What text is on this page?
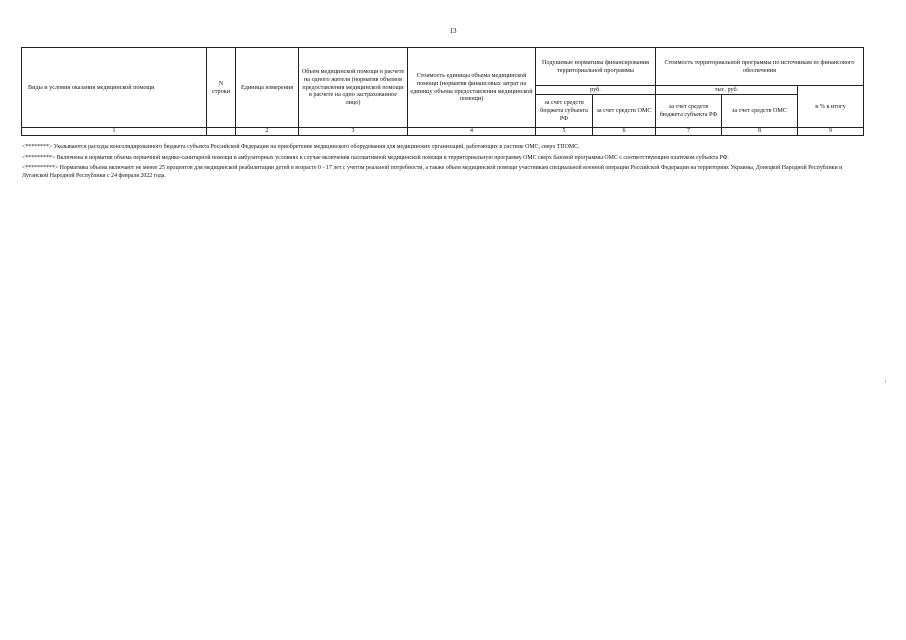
13
Виды и условия оказания медицинской помощи	N строки	Единица измерения	Объем медицинской помощи в расчете на одного жителя (норматив объемов предоставления медицинской помощи в расчете на одно застрахованное лицо)	Стоимость единицы объема медицинской помощи (норматив финансовых затрат на единицу объема предоставления медицинской помощи)	Подушевые нормативы финансирования территориальной программы		Стоимость территориальной программы по источникам ее финансового обеспечения		
					руб.		тыс. руб.		в % к итогу
					за счет средств бюджета субъекта РФ	за счет средств ОМС	за счет средств бюджета субъекта РФ	за счет средств ОМС	
1		2	3	4	5	6	7	8	9

<********> Указываются расходы консолидированного бюджета субъекта Российской Федерации на приобретение медицинского оборудования для медицинских организаций, работающих в системе ОМС, сверх ТПОМС.

<*********> Включены в норматив объема первичной медико-санитарной помощи в амбулаторных условиях в случае включения паллиативной медицинской помощи в территориальную программу ОМС сверх базовой программы ОМС с соответствующим платежом субъекта РФ.

<**********> Нормативы объема включают не менее 25 процентов для медицинской реабилитации детей в возрасте 0 - 17 лет с учетом реальной потребности, а также объем медицинской помощи участникам специальной военной операции Российской Федерации на территориях Украины, Донецкой Народной Республики и Луганской Народной Республики с 24 февраля 2022 года.
